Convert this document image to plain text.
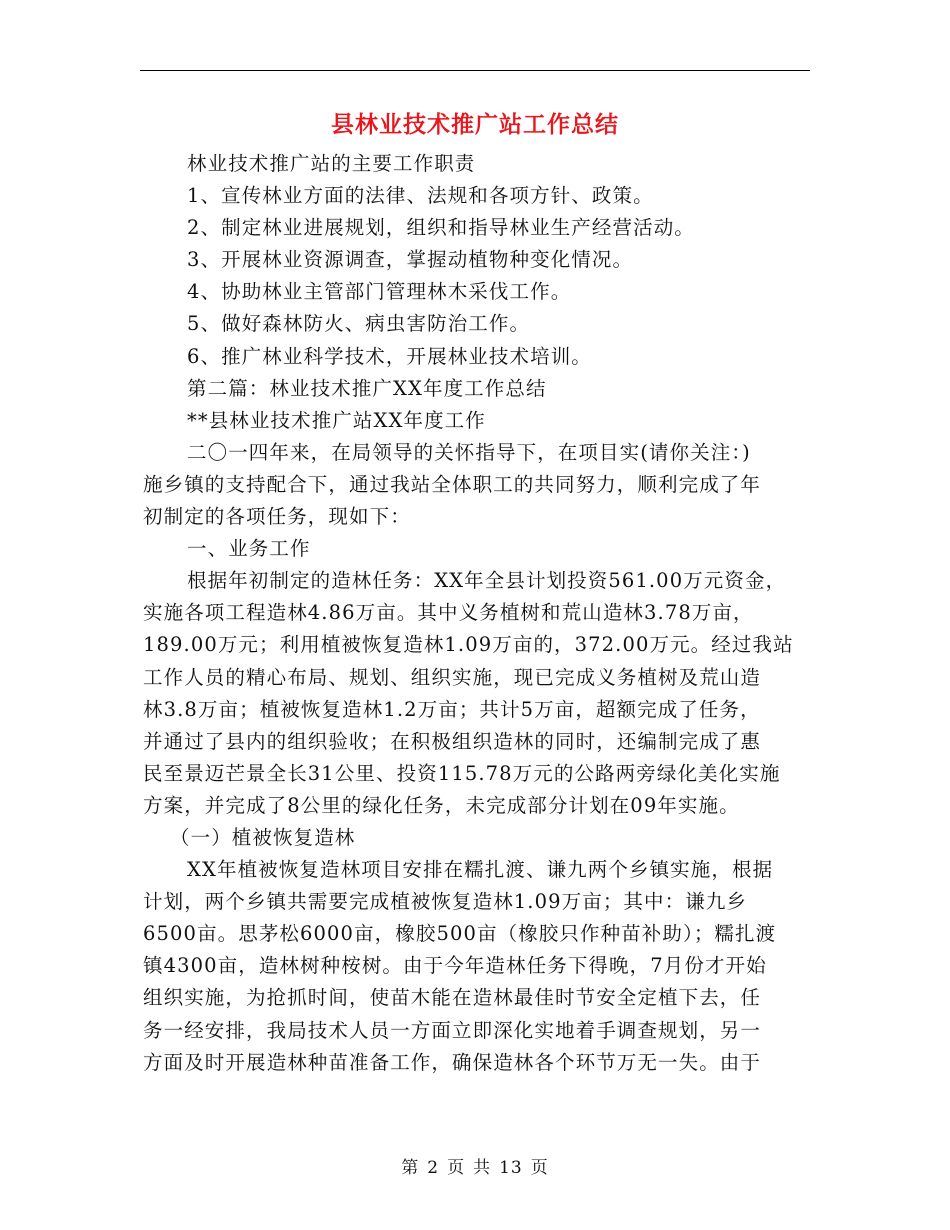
县林业技术推广站工作总结
林业技术推广站的主要工作职责
1、宣传林业方面的法律、法规和各项方针、政策。
2、制定林业进展规划，组织和指导林业生产经营活动。
3、开展林业资源调查，掌握动植物种变化情况。
4、协助林业主管部门管理林木采伐工作。
5、做好森林防火、病虫害防治工作。
6、推广林业科学技术，开展林业技术培训。
第二篇：林业技术推广XX年度工作总结
**县林业技术推广站XX年度工作
二〇一四年来，在局领导的关怀指导下，在项目实(请你关注：)
施乡镇的支持配合下，通过我站全体职工的共同努力，顺利完成了年
初制定的各项任务，现如下：
一、业务工作
根据年初制定的造林任务：XX年全县计划投资561.00万元资金，
实施各项工程造林4.86万亩。其中义务植树和荒山造林3.78万亩，
189.00万元；利用植被恢复造林1.09万亩的，372.00万元。经过我站
工作人员的精心布局、规划、组织实施，现已完成义务植树及荒山造
林3.8万亩；植被恢复造林1.2万亩；共计5万亩，超额完成了任务，
并通过了县内的组织验收；在积极组织造林的同时，还编制完成了惠
民至景迈芒景全长31公里、投资115.78万元的公路两旁绿化美化实施
方案，并完成了8公里的绿化任务，未完成部分计划在09年实施。
（一）植被恢复造林
XX年植被恢复造林项目安排在糯扎渡、谦九两个乡镇实施，根据
计划，两个乡镇共需要完成植被恢复造林1.09万亩；其中：谦九乡
6500亩。思茅松6000亩，橡胶500亩（橡胶只作种苗补助）；糯扎渡
镇4300亩，造林树种桉树。由于今年造林任务下得晚，7月份才开始
组织实施，为抢抓时间，使苗木能在造林最佳时节安全定植下去，任
务一经安排，我局技术人员一方面立即深化实地着手调查规划，另一
方面及时开展造林种苗准备工作，确保造林各个环节万无一失。由于
第 2 页 共 13 页
